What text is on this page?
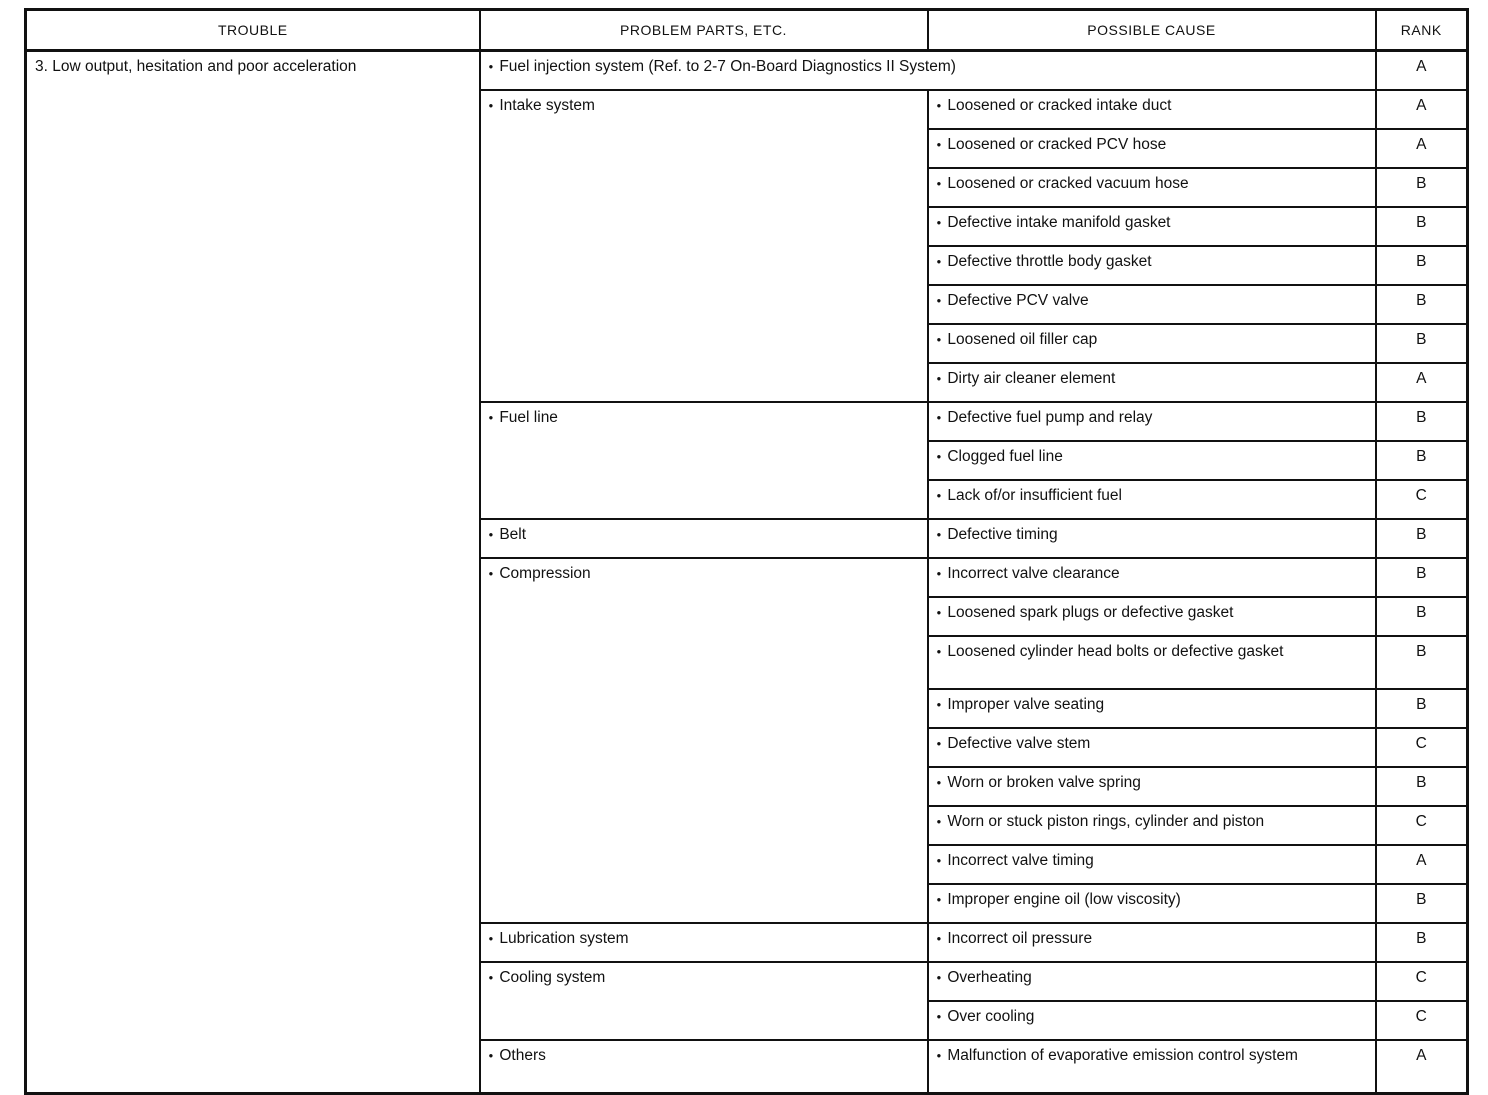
TROUBLE	PROBLEM PARTS, ETC.	POSSIBLE CAUSE	RANK
3. Low output, hesitation and poor acceleration	● Fuel injection system (Ref. to 2-7 On-Board Diagnostics II System)		A
	● Intake system	● Loosened or cracked intake duct	A
		● Loosened or cracked PCV hose	A
		● Loosened or cracked vacuum hose	B
		● Defective intake manifold gasket	B
		● Defective throttle body gasket	B
		● Defective PCV valve	B
		● Loosened oil filler cap	B
		● Dirty air cleaner element	A
	● Fuel line	● Defective fuel pump and relay	B
		● Clogged fuel line	B
		● Lack of/or insufficient fuel	C
	● Belt	● Defective timing	B
	● Compression	● Incorrect valve clearance	B
		● Loosened spark plugs or defective gasket	B
		● Loosened cylinder head bolts or defective gasket	B
		● Improper valve seating	B
		● Defective valve stem	C
		● Worn or broken valve spring	B
		● Worn or stuck piston rings, cylinder and piston	C
		● Incorrect valve timing	A
		● Improper engine oil (low viscosity)	B
	● Lubrication system	● Incorrect oil pressure	B
	● Cooling system	● Overheating	C
		● Over cooling	C
	● Others	● Malfunction of evaporative emission control system	A
